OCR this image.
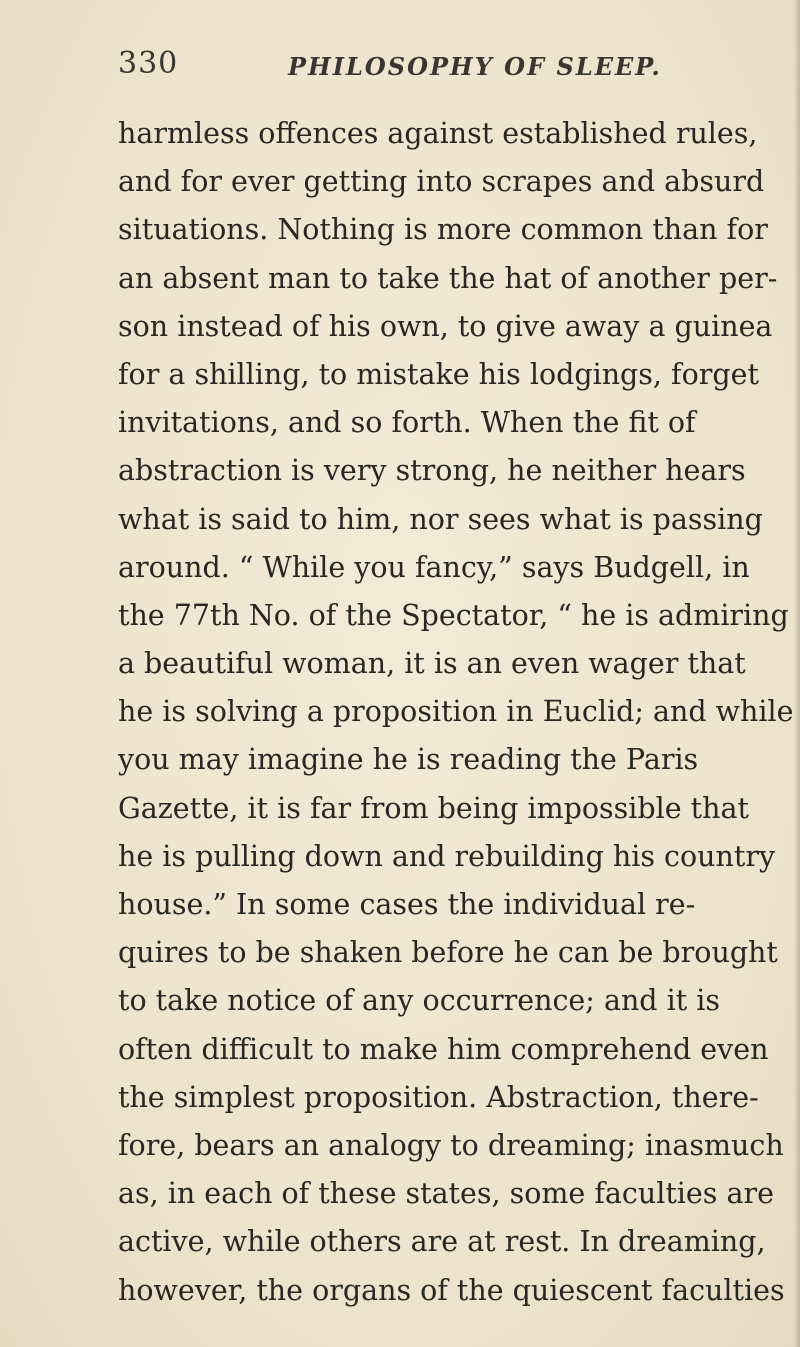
330	PHILOSOPHY OF SLEEP.
harmless offences against established rules,
and for ever getting into scrapes and absurd
situations. Nothing is more common than for
an absent man to take the hat of another per-
son instead of his own, to give away a guinea
for a shilling, to mistake his lodgings, forget
invitations, and so forth. When the fit of
abstraction is very strong, he neither hears
what is said to him, nor sees what is passing
around. “ While you fancy,” says Budgell, in
the 77th No. of the Spectator, “ he is admiring
a beautiful woman, it is an even wager that
he is solving a proposition in Euclid; and while
you may imagine he is reading the Paris
Gazette, it is far from being impossible that
he is pulling down and rebuilding his country
house.” In some cases the individual re-
quires to be shaken before he can be brought
to take notice of any occurrence; and it is
often difficult to make him comprehend even
the simplest proposition. Abstraction, there-
fore, bears an analogy to dreaming; inasmuch
as, in each of these states, some faculties are
active, while others are at rest. In dreaming,
however, the organs of the quiescent faculties
